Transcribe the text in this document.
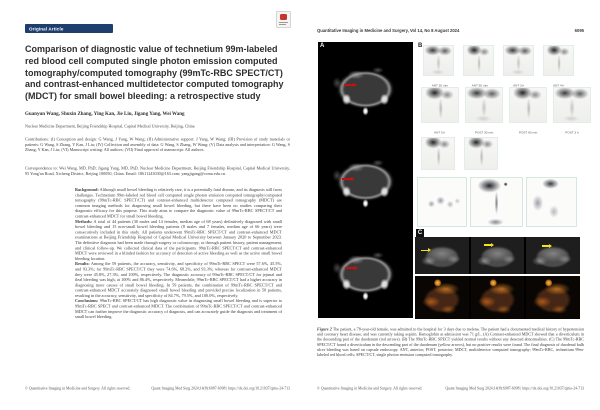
Original Article
Comparison of diagnostic value of technetium 99m-labeled red blood cell computed single photon emission computed tomography/computed tomography (99mTc-RBC SPECT/CT) and contrast-enhanced multidetector computed tomography (MDCT) for small bowel bleeding: a retrospective study
Guanyun Wang, Shuxin Zhang, Ying Kan, Jie Liu, Jigang Yang, Wei Wang
Nuclear Medicine Department, Beijing Friendship Hospital, Capital Medical University, Beijing, China
Contributions: (I) Conception and design: G Wang, J Yang, W Wang; (II) Administrative support: J Yang, W Wang; (III) Provision of study materials or patients: G Wang, S Zhang, Y Kan, J Liu; (IV) Collection and assembly of data: G Wang, S Zhang, W Wang; (V) Data analysis and interpretation: G Wang, S Zhang, Y Kan, J Liu; (VI) Manuscript writing: All authors; (VII) Final approval of manuscript: All authors.
Correspondence to: Wei Wang, MD, PhD; Jigang Yang, MD, PhD. Nuclear Medicine Department, Beijing Friendship Hospital, Capital Medical University, 95 Yong'an Road, Xicheng District, Beijing 100050, China. Email: 18611243030@163.com; yangjigang@ccmu.edu.cn.

Background: Although small bowel bleeding is relatively rare, it is a potentially fatal disease, and its diagnosis still faces challenges. Technetium 99m-labeled red blood cell computed single photon emission computed tomography/computed tomography (99mTc-RBC SPECT/CT) and contrast-enhanced multidetector computed tomography (MDCT) are common imaging methods for diagnosing small bowel bleeding, but there have been no studies comparing their diagnostic efficacy for this purpose. This study aims to compare the diagnostic value of 99mTc-RBC SPECT/CT and contrast-enhanced MDCT for small bowel bleeding.

Methods: A total of 44 patients (30 males and 14 females, median age of 68 years) definitively diagnosed with small bowel bleeding and 15 non-small bowel bleeding patients (8 males and 7 females, median age of 66 years) were consecutively included in this study. All patients underwent 99mTc-RBC SPECT/CT and contrast-enhanced MDCT examinations at Beijing Friendship Hospital of Capital Medical University between January 2020 to September 2023. The definitive diagnosis had been made through surgery or colonoscopy, or through patient history, patient management, and clinical follow-up. We collected clinical data of the participants. 99mTc-RBC SPECT/CT and contrast-enhanced MDCT were reviewed in a blinded fashion for accuracy of detection of active bleeding as well as the active small bowel bleeding location.

Results: Among the 59 patients, the accuracy, sensitivity, and specificity of 99mTc-RBC SPECT were 57.6%, 45.5%, and 93.3%; for 99mTc-RBC SPECT/CT they were 74.6%, 68.2%, and 93.3%; whereas for contrast-enhanced MDCT they were 45.8%, 27.3%, and 100%, respectively. The diagnostic accuracy of 99mTc-RBC SPECT/CT for jejunal and ileal bleeding was high, at 100% and 86.4%, respectively. Meanwhile, 99mTc-RBC SPECT/CT had a higher accuracy in diagnosing more causes of small bowel bleeding. In 59 patients, the combination of 99mTc-RBC SPECT/CT and contrast-enhanced MDCT accurately diagnosed small bowel bleeding and provided precise localization in 50 patients, resulting in the accuracy, sensitivity, and specificity of 84.7%, 79.5%, and 100.0%, respectively.

Conclusions: 99mTc-RBC SPECT/CT has high diagnostic value in diagnosing small bowel bleeding and is superior to 99mTc-RBC SPECT and contrast-enhanced MDCT. The combination of 99mTc-RBC SPECT/CT and contrast-enhanced MDCT can further improve the diagnostic accuracy of diagnosis, and can accurately guide the diagnosis and treatment of small bowel bleeding.

© Quantitative Imaging in Medicine and Surgery. All rights reserved.	Quant Imaging Med Surg 2024;14(8):6087-6098 | https://dx.doi.org/10.21037/qims-24-713
Quantitative Imaging in Medicine and Surgery, Vol 14, No 8 August 2024	6095
A	B
ANT 30 min	ANT 60 min	ANT 3 h	ANT 4 h
ANT 5 h	POST 30 min	POST 60 min	POST 3 h
C
Figure 2 The patient, a 78-year-old female, was admitted to the hospital for 3 days due to melena. The patient had a documented medical history of hypertension and coronary heart disease, and was currently taking aspirin. Hemoglobin at admission was 71 g/L. (A) Contrast-enhanced MDCT showed that a diverticulum in the descending part of the duodenum (red arrows). (B) The 99mTc-RBC SPECT yielded normal results without any detected abnormalities. (C) The 99mTc-RBC SPECT/CT found a diverticulum in the descending part of the duodenum (yellow arrows), but no positive results were found. The final diagnosis of duodenal bulb ulcer bleeding was based on capsule endoscopy. ANT, anterior; POST, posterior; MDCT, multidetector computed tomography; 99mTc-RBC, technetium 99m-labeled red blood cells; SPECT/CT, single photon emission computed tomography.
© Quantitative Imaging in Medicine and Surgery. All rights reserved.	Quant Imaging Med Surg 2024;14(8):6087-6098 | https://dx.doi.org/10.21037/qims-24-713
